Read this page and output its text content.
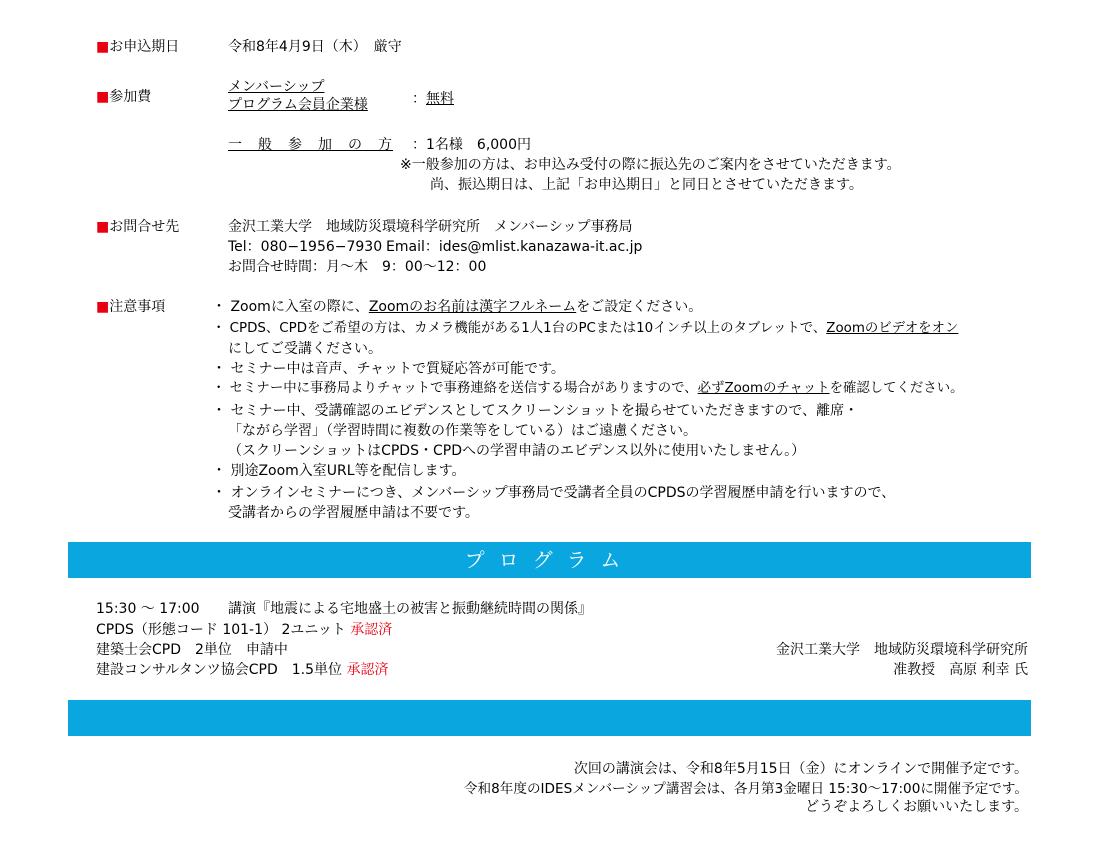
■お申込期日	令和8年4月9日（木）　厳守
■参加費
メンバーシップ
プログラム会員企業様	：無料
一　般　参　加　の　方 ：1名様　6,000円
※一般参加の方は、お申込み受付の際に振込先のご案内をさせていただきます。
尚、振込期日は、上記「お申込期日」と同日とさせていただきます。
■お問合せ先	金沢工業大学　地域防災環境科学研究所　メンバーシップ事務局
Tel：080−1956−7930 Email：ides@mlist.kanazawa-it.ac.jp
お問合せ時間：月～木　9：00～12：00
■注意事項	・ Zoomに入室の際に、Zoomのお名前は漢字フルネームをご設定ください。
・ CPDS、CPDをご希望の方は、カメラ機能がある1人1台のPCまたは10インチ以上のタブレットで、Zoomのビデオをオン
にしてご受講ください。
・ セミナー中は音声、チャットで質疑応答が可能です。
・ セミナー中に事務局よりチャットで事務連絡を送信する場合がありますので、必ずZoomのチャットを確認してください。
・ セミナー中、受講確認のエビデンスとしてスクリーンショットを撮らせていただきますので、離席・
「ながら学習」（学習時間に複数の作業等をしている）はご遠慮ください。
（スクリーンショットはCPDS・CPDへの学習申請のエビデンス以外に使用いたしません。）
・ 別途Zoom入室URL等を配信します。
・ オンラインセミナーにつき、メンバーシップ事務局で受講者全員のCPDSの学習履歴申請を行いますので、
受講者からの学習履歴申請は不要です。
プログラム
15:30 ～ 17:00 講演『地震による宅地盛土の被害と振動継続時間の関係』
CPDS（形態コード 101-1） 2ユニット 承認済
建築士会CPD　2単位　申請中
建設コンサルタンツ協会CPD　1.5単位 承認済
金沢工業大学　地域防災環境科学研究所
准教授　高原 利幸 氏
次回の講演会は、令和8年5月15日（金）にオンラインで開催予定です。
令和8年度のIDESメンバーシップ講習会は、各月第3金曜日 15:30～17:00に開催予定です。
どうぞよろしくお願いいたします。
